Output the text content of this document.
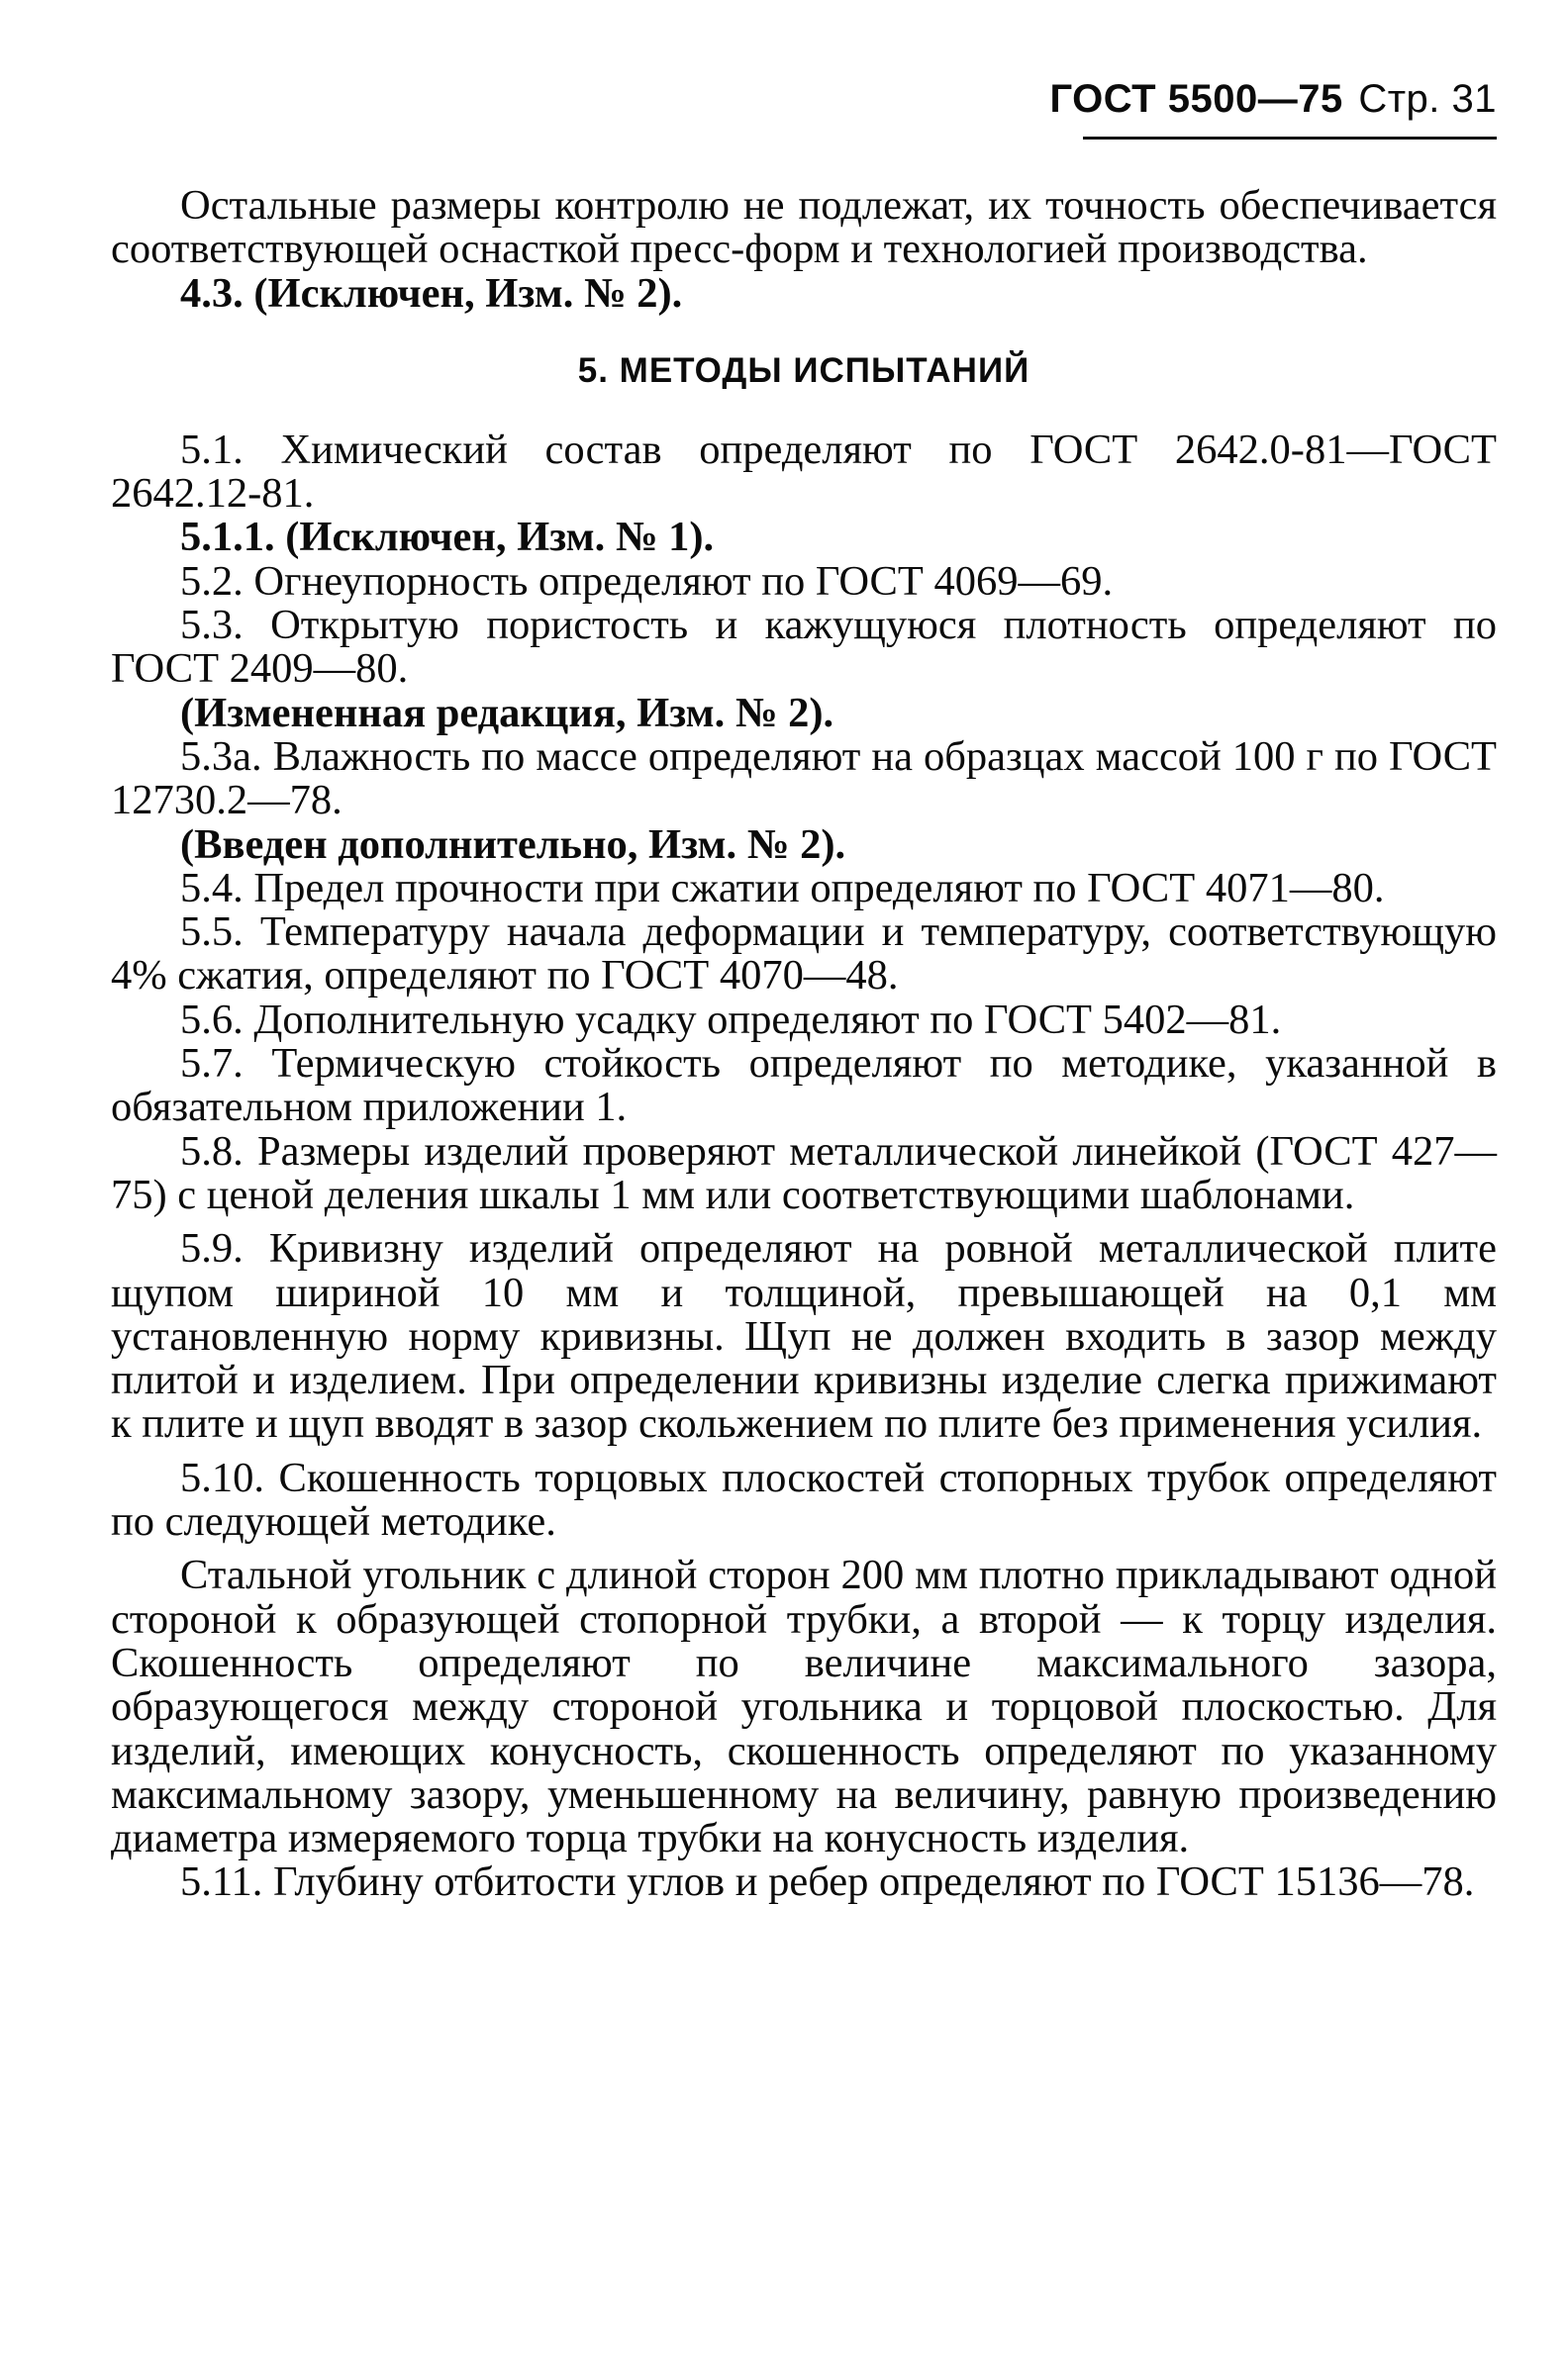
ГОСТ 5500—75 Стр. 31

Остальные размеры контролю не подлежат, их точность обеспечивается соответствующей оснасткой пресс-форм и технологией производства.

4.3. (Исключен, Изм. № 2).

5. МЕТОДЫ ИСПЫТАНИЙ

5.1. Химический состав определяют по ГОСТ 2642.0-81—ГОСТ 2642.12-81.

5.1.1. (Исключен, Изм. № 1).

5.2. Огнеупорность определяют по ГОСТ 4069—69.

5.3. Открытую пористость и кажущуюся плотность определяют по ГОСТ 2409—80.

(Измененная редакция, Изм. № 2).

5.3а. Влажность по массе определяют на образцах массой 100 г по ГОСТ 12730.2—78.

(Введен дополнительно, Изм. № 2).

5.4. Предел прочности при сжатии определяют по ГОСТ 4071—80.

5.5. Температуру начала деформации и температуру, соответствующую 4% сжатия, определяют по ГОСТ 4070—48.

5.6. Дополнительную усадку определяют по ГОСТ 5402—81.

5.7. Термическую стойкость определяют по методике, указанной в обязательном приложении 1.

5.8. Размеры изделий проверяют металлической линейкой (ГОСТ 427—75) с ценой деления шкалы 1 мм или соответствующими шаблонами.

5.9. Кривизну изделий определяют на ровной металлической плите щупом шириной 10 мм и толщиной, превышающей на 0,1 мм установленную норму кривизны. Щуп не должен входить в зазор между плитой и изделием. При определении кривизны изделие слегка прижимают к плите и щуп вводят в зазор скольжением по плите без применения усилия.

5.10. Скошенность торцовых плоскостей стопорных трубок определяют по следующей методике.

Стальной угольник с длиной сторон 200 мм плотно прикладывают одной стороной к образующей стопорной трубки, а второй — к торцу изделия. Скошенность определяют по величине максимального зазора, образующегося между стороной угольника и торцовой плоскостью. Для изделий, имеющих конусность, скошенность определяют по указанному максимальному зазору, уменьшенному на величину, равную произведению диаметра измеряемого торца трубки на конусность изделия.

5.11. Глубину отбитости углов и ребер определяют по ГОСТ 15136—78.
